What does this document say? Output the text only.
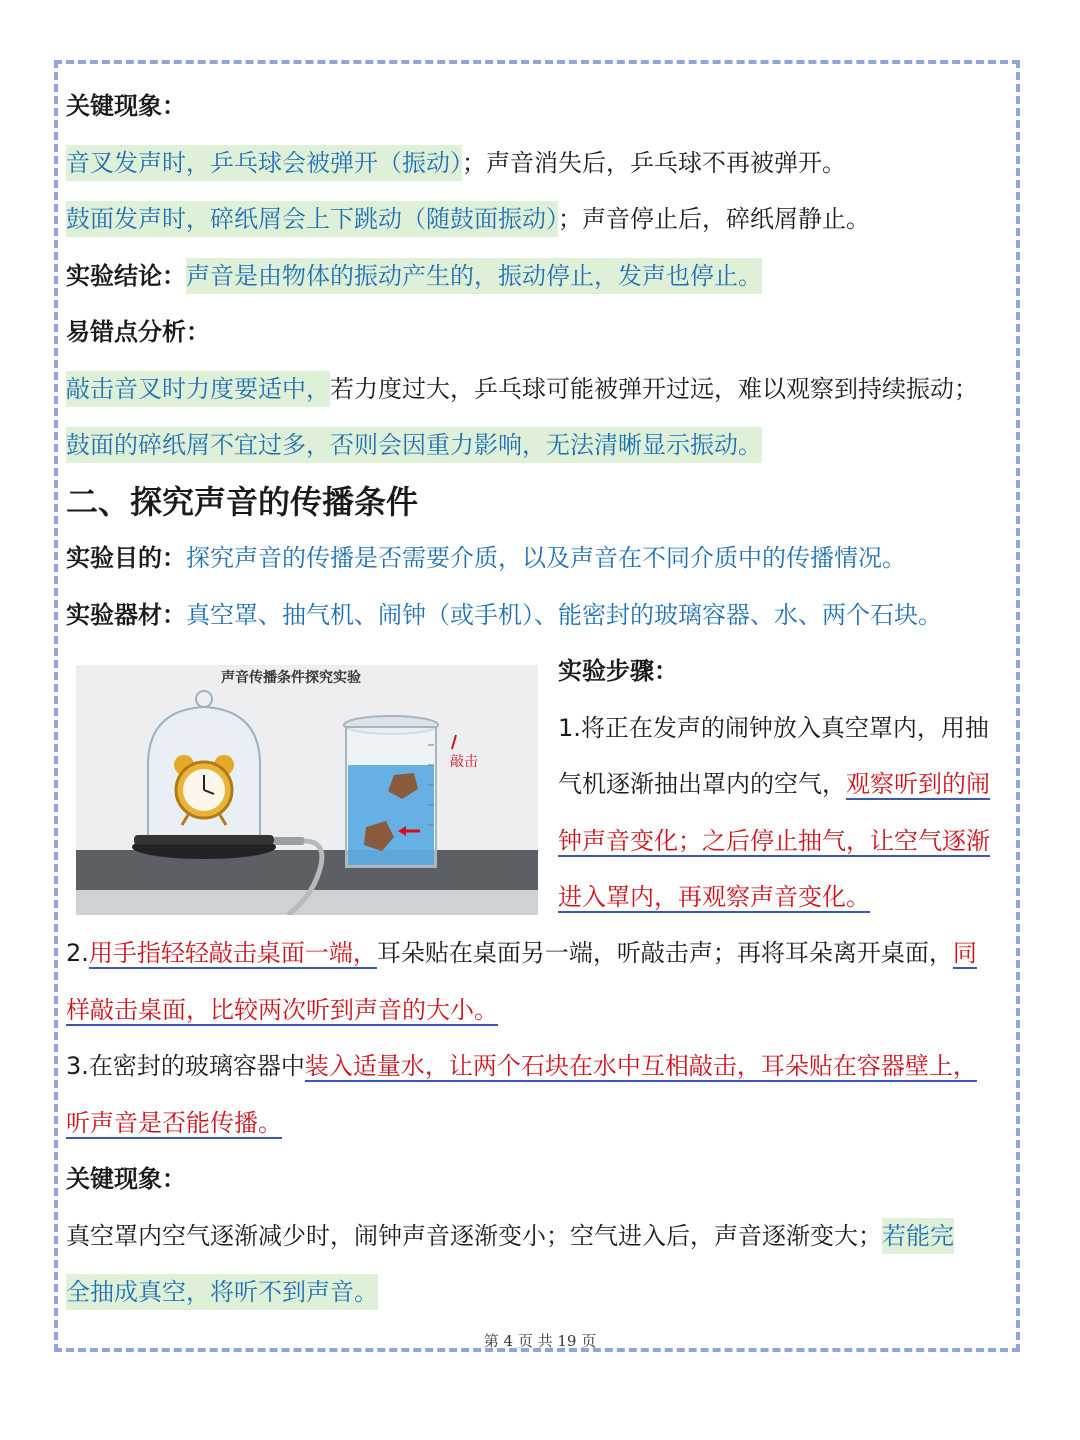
关键现象：
音叉发声时，乒乓球会被弹开（振动）；声音消失后，乒乓球不再被弹开。
鼓面发声时，碎纸屑会上下跳动（随鼓面振动）；声音停止后，碎纸屑静止。
实验结论：声音是由物体的振动产生的，振动停止，发声也停止。
易错点分析：
敲击音叉时力度要适中，若力度过大，乒乓球可能被弹开过远，难以观察到持续振动；
鼓面的碎纸屑不宜过多，否则会因重力影响，无法清晰显示振动。
二、探究声音的传播条件
实验目的：探究声音的传播是否需要介质，以及声音在不同介质中的传播情况。
实验器材：真空罩、抽气机、闹钟（或手机）、能密封的玻璃容器、水、两个石块。
声音传播条件探究实验
敲击
实验步骤：
1.将正在发声的闹钟放入真空罩内，用抽
气机逐渐抽出罩内的空气，观察听到的闹
钟声音变化；之后停止抽气，让空气逐渐
进入罩内，再观察声音变化。
2.用手指轻轻敲击桌面一端，耳朵贴在桌面另一端，听敲击声；再将耳朵离开桌面，同
样敲击桌面，比较两次听到声音的大小。
3.在密封的玻璃容器中装入适量水，让两个石块在水中互相敲击，耳朵贴在容器壁上，
听声音是否能传播。
关键现象：
真空罩内空气逐渐减少时，闹钟声音逐渐变小；空气进入后，声音逐渐变大；若能完
全抽成真空，将听不到声音。
第 4 页 共 19 页
